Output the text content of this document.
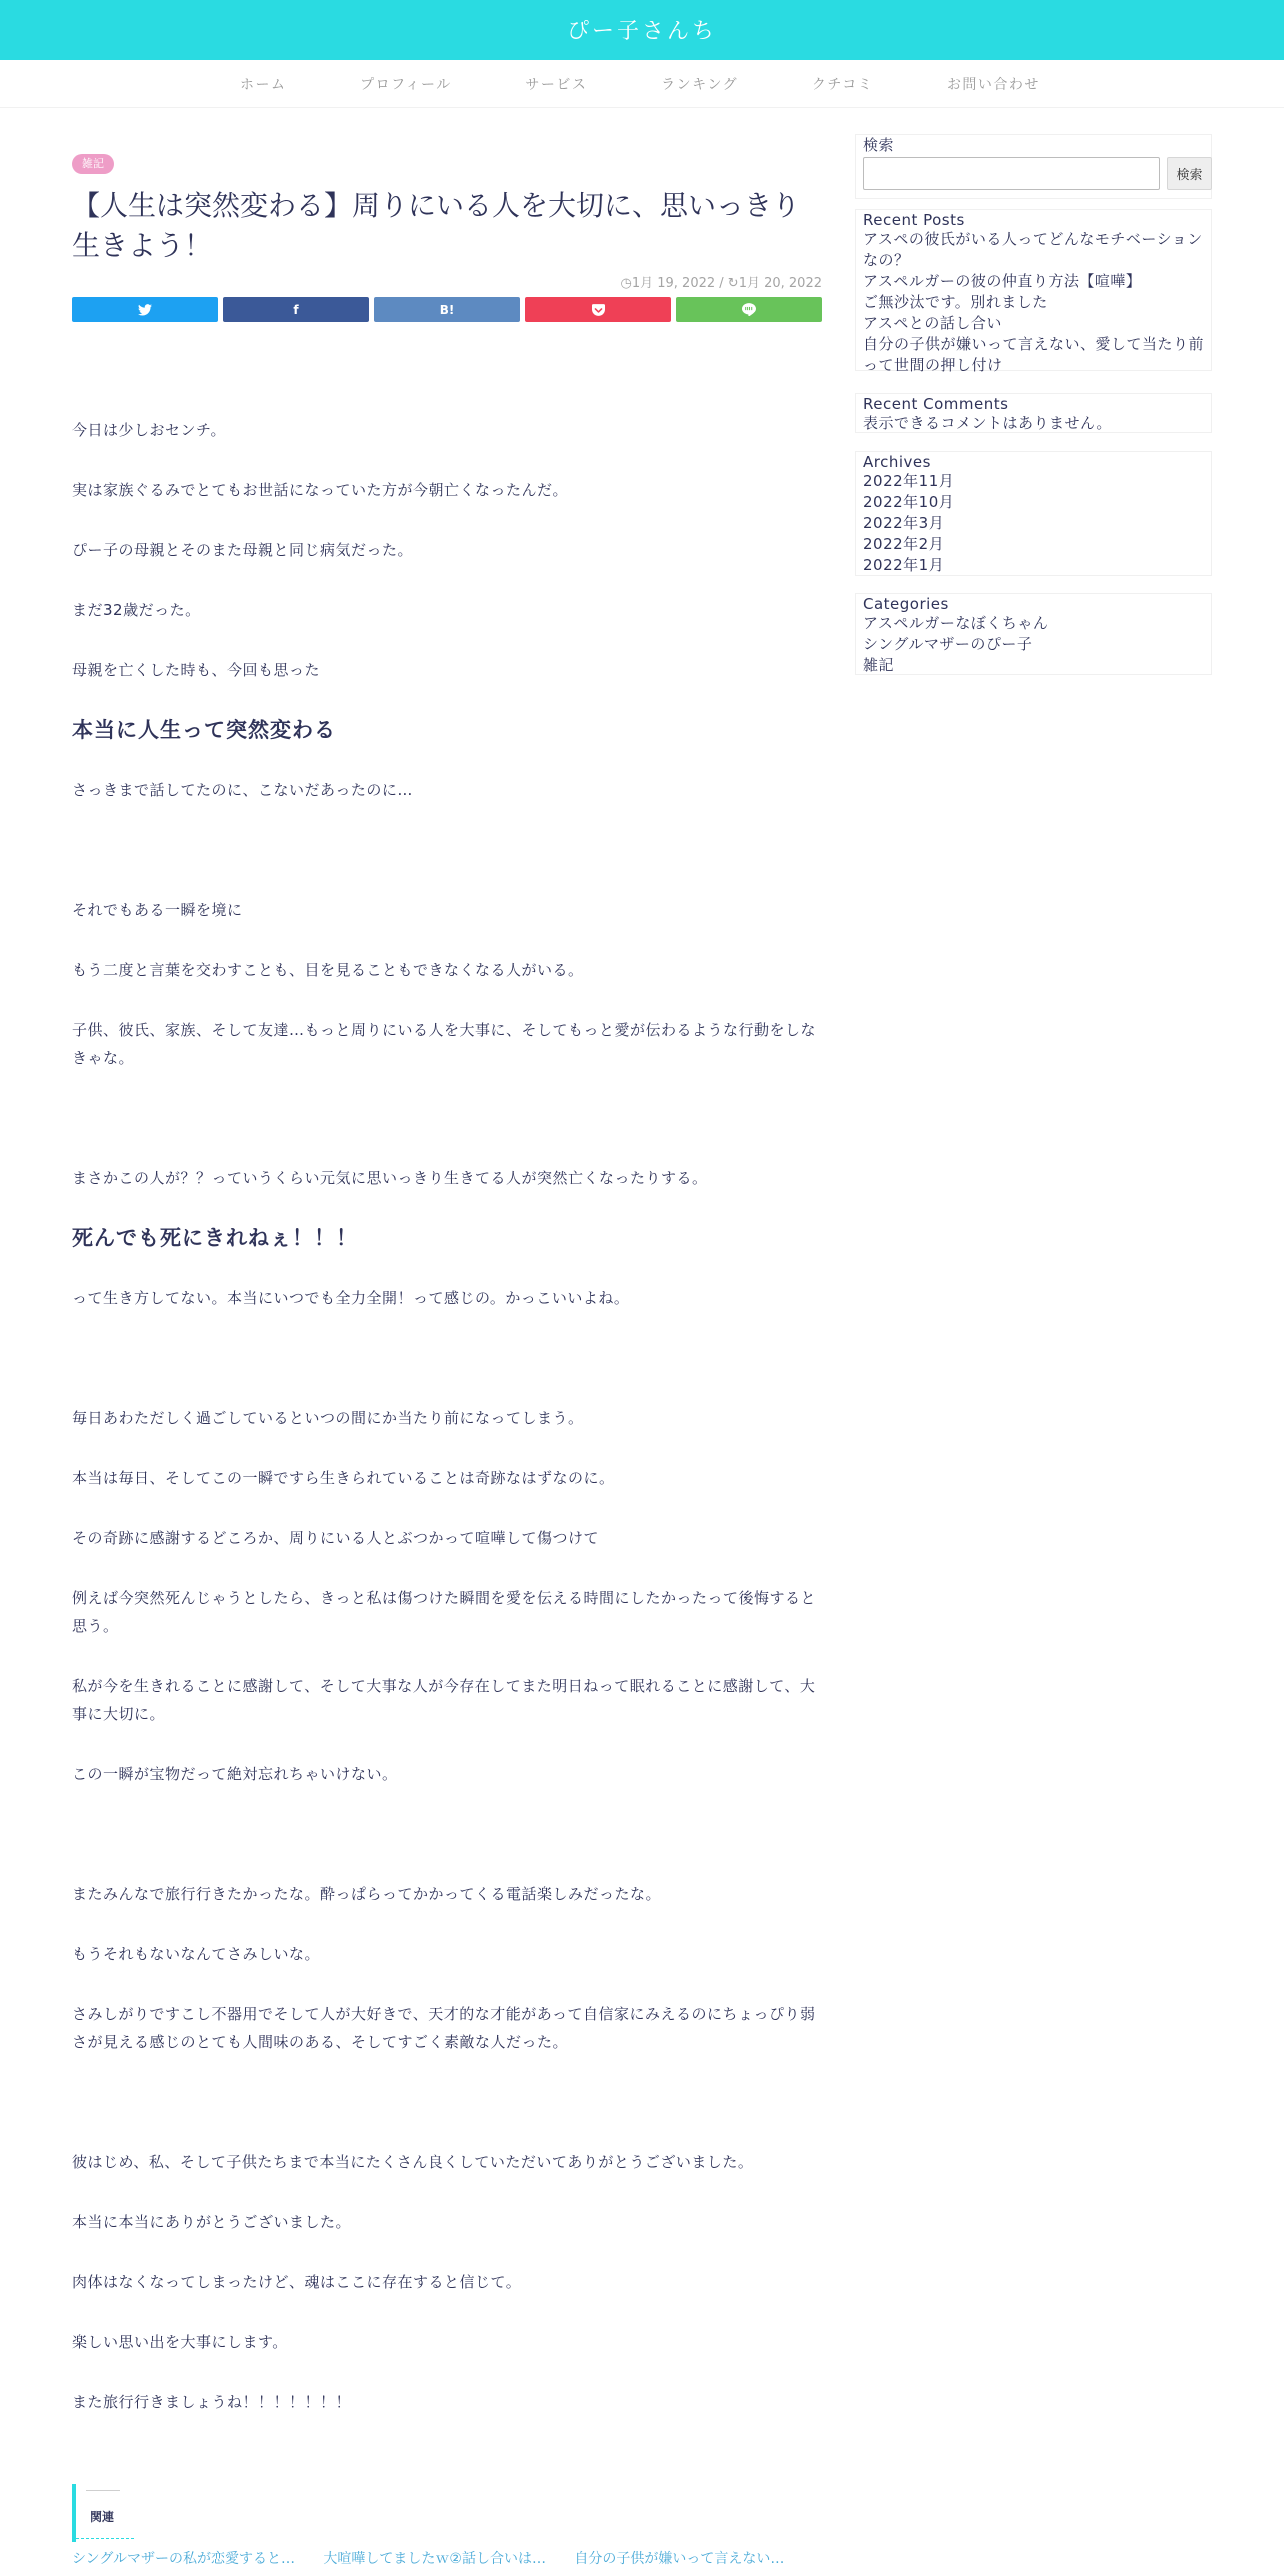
ぴー子さんち
ホーム	プロフィール	サービス	ランキング	クチコミ	お問い合わせ
雑記
【人生は突然変わる】周りにいる人を大切に、思いっきり生きよう！
◷1月 19, 2022 / ↻1月 20, 2022
f	B!

今日は少しおセンチ。

実は家族ぐるみでとてもお世話になっていた方が今朝亡くなったんだ。

ぴー子の母親とそのまた母親と同じ病気だった。

まだ32歳だった。

母親を亡くした時も、今回も思った

本当に人生って突然変わる

さっきまで話してたのに、こないだあったのに…

それでもある一瞬を境に

もう二度と言葉を交わすことも、目を見ることもできなくなる人がいる。

子供、彼氏、家族、そして友達…もっと周りにいる人を大事に、そしてもっと愛が伝わるような行動をしなきゃな。

まさかこの人が？？っていうくらい元気に思いっきり生きてる人が突然亡くなったりする。

死んでも死にきれねぇ！！！

って生き方してない。本当にいつでも全力全開！って感じの。かっこいいよね。

毎日あわただしく過ごしているといつの間にか当たり前になってしまう。

本当は毎日、そしてこの一瞬ですら生きられていることは奇跡なはずなのに。

その奇跡に感謝するどころか、周りにいる人とぶつかって喧嘩して傷つけて

例えば今突然死んじゃうとしたら、きっと私は傷つけた瞬間を愛を伝える時間にしたかったって後悔すると思う。

私が今を生きれることに感謝して、そして大事な人が今存在してまた明日ねって眠れることに感謝して、大事に大切に。

この一瞬が宝物だって絶対忘れちゃいけない。

またみんなで旅行行きたかったな。酔っぱらってかかってくる電話楽しみだったな。

もうそれもないなんてさみしいな。

さみしがりですこし不器用でそして人が大好きで、天才的な才能があって自信家にみえるのにちょっぴり弱さが見える感じのとても人間味のある、そしてすごく素敵な人だった。

彼はじめ、私、そして子供たちまで本当にたくさん良くしていただいてありがとうございました。

本当に本当にありがとうございました。

肉体はなくなってしまったけど、魂はここに存在すると信じて。

楽しい思い出を大事にします。

また旅行行きましょうね！！！！！！！

関連
シングルマザーの私が恋愛すると… 大喧嘩してましたｗ②話し合いは… 自分の子供が嫌いって言えない…
検索
検索
Recent Posts
アスペの彼氏がいる人ってどんなモチベーションなの？
アスペルガーの彼の仲直り方法【喧嘩】
ご無沙汰です。別れました
アスペとの話し合い
自分の子供が嫌いって言えない、愛して当たり前って世間の押し付け
Recent Comments
表示できるコメントはありません。
Archives
2022年11月
2022年10月
2022年3月
2022年2月
2022年1月
Categories
アスペルガーなぼくちゃん
シングルマザーのぴー子
雑記
